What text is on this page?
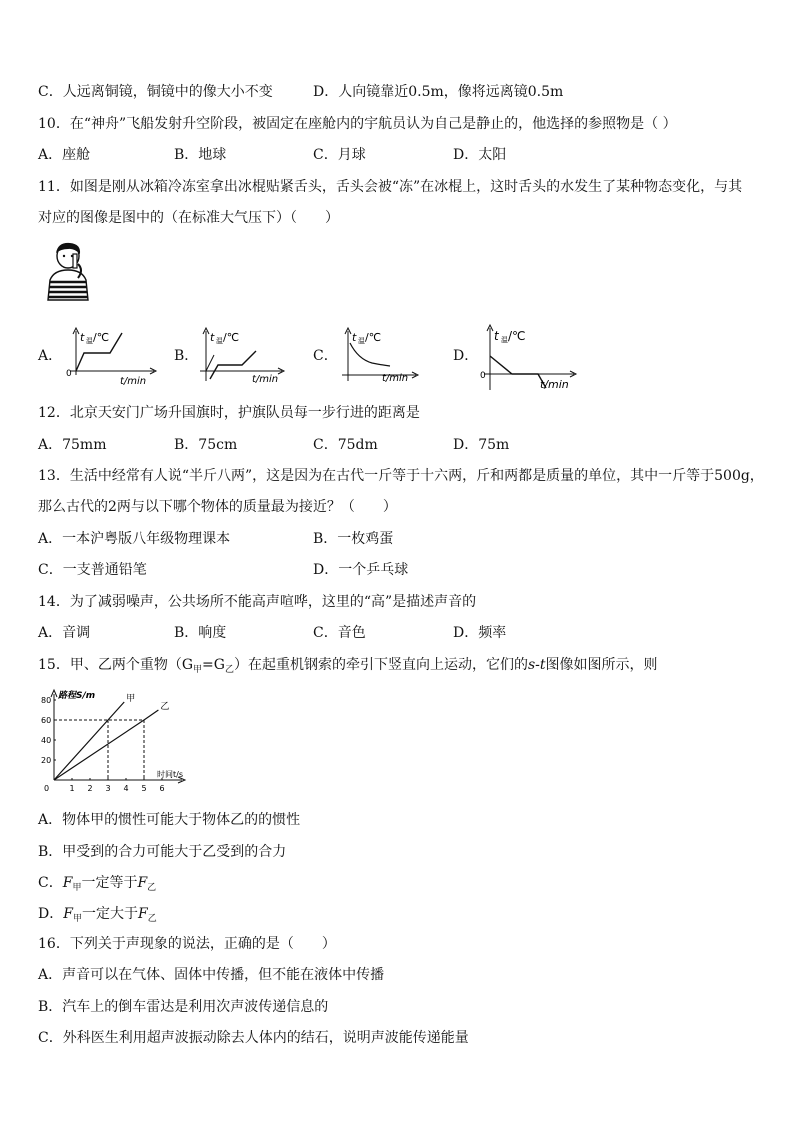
C．人远离铜镜，铜镜中的像大小不变	D．人向镜靠近0.5m，像将远离镜0.5m
10．在“神舟”飞船发射升空阶段，被固定在座舱内的宇航员认为自己是静止的，他选择的参照物是（ ）
A．座舱	B．地球	C．月球	D．太阳
11．如图是刚从冰箱冷冻室拿出冰棍贴紧舌头，舌头会被“冻”在冰棍上，这时舌头的水发生了某种物态变化，与其
对应的图像是图中的（在标准大气压下）（　　）
A．
0
t 温 /℃
t/min
B．
t 温 /℃
t/min
C．
t 温 /℃
t/min
D．
0
t 温 /℃
t/min
12．北京天安门广场升国旗时，护旗队员每一步行进的距离是
A．75mm	B．75cm	C．75dm	D．75m
13．生活中经常有人说“半斤八两”，这是因为在古代一斤等于十六两，斤和两都是质量的单位，其中一斤等于500g，
那么古代的2两与以下哪个物体的质量最为接近？（　　）
A．一本沪粤版八年级物理课本	B．一枚鸡蛋
C．一支普通铅笔	D．一个乒乓球
14．为了减弱噪声，公共场所不能高声喧哗，这里的“高”是描述声音的
A．音调	B．响度	C．音色	D．频率
15．甲、乙两个重物$(G_甲=G_乙)$在起重机钢索的牵引下竖直向上运动，它们的s-t图像如图所示，则
路程S/m
时间t/s
0	1 2 3 4 5 6
20
40
60
80	甲
乙
A．物体甲的惯性可能大于物体乙的的惯性
B．甲受到的合力可能大于乙受到的合力
C．$F_甲$一定等于$F_乙$
D．$F_甲$一定大于$F_乙$
16．下列关于声现象的说法，正确的是（　　）
A．声音可以在气体、固体中传播，但不能在液体中传播
B．汽车上的倒车雷达是利用次声波传递信息的
C．外科医生利用超声波振动除去人体内的结石，说明声波能传递能量
